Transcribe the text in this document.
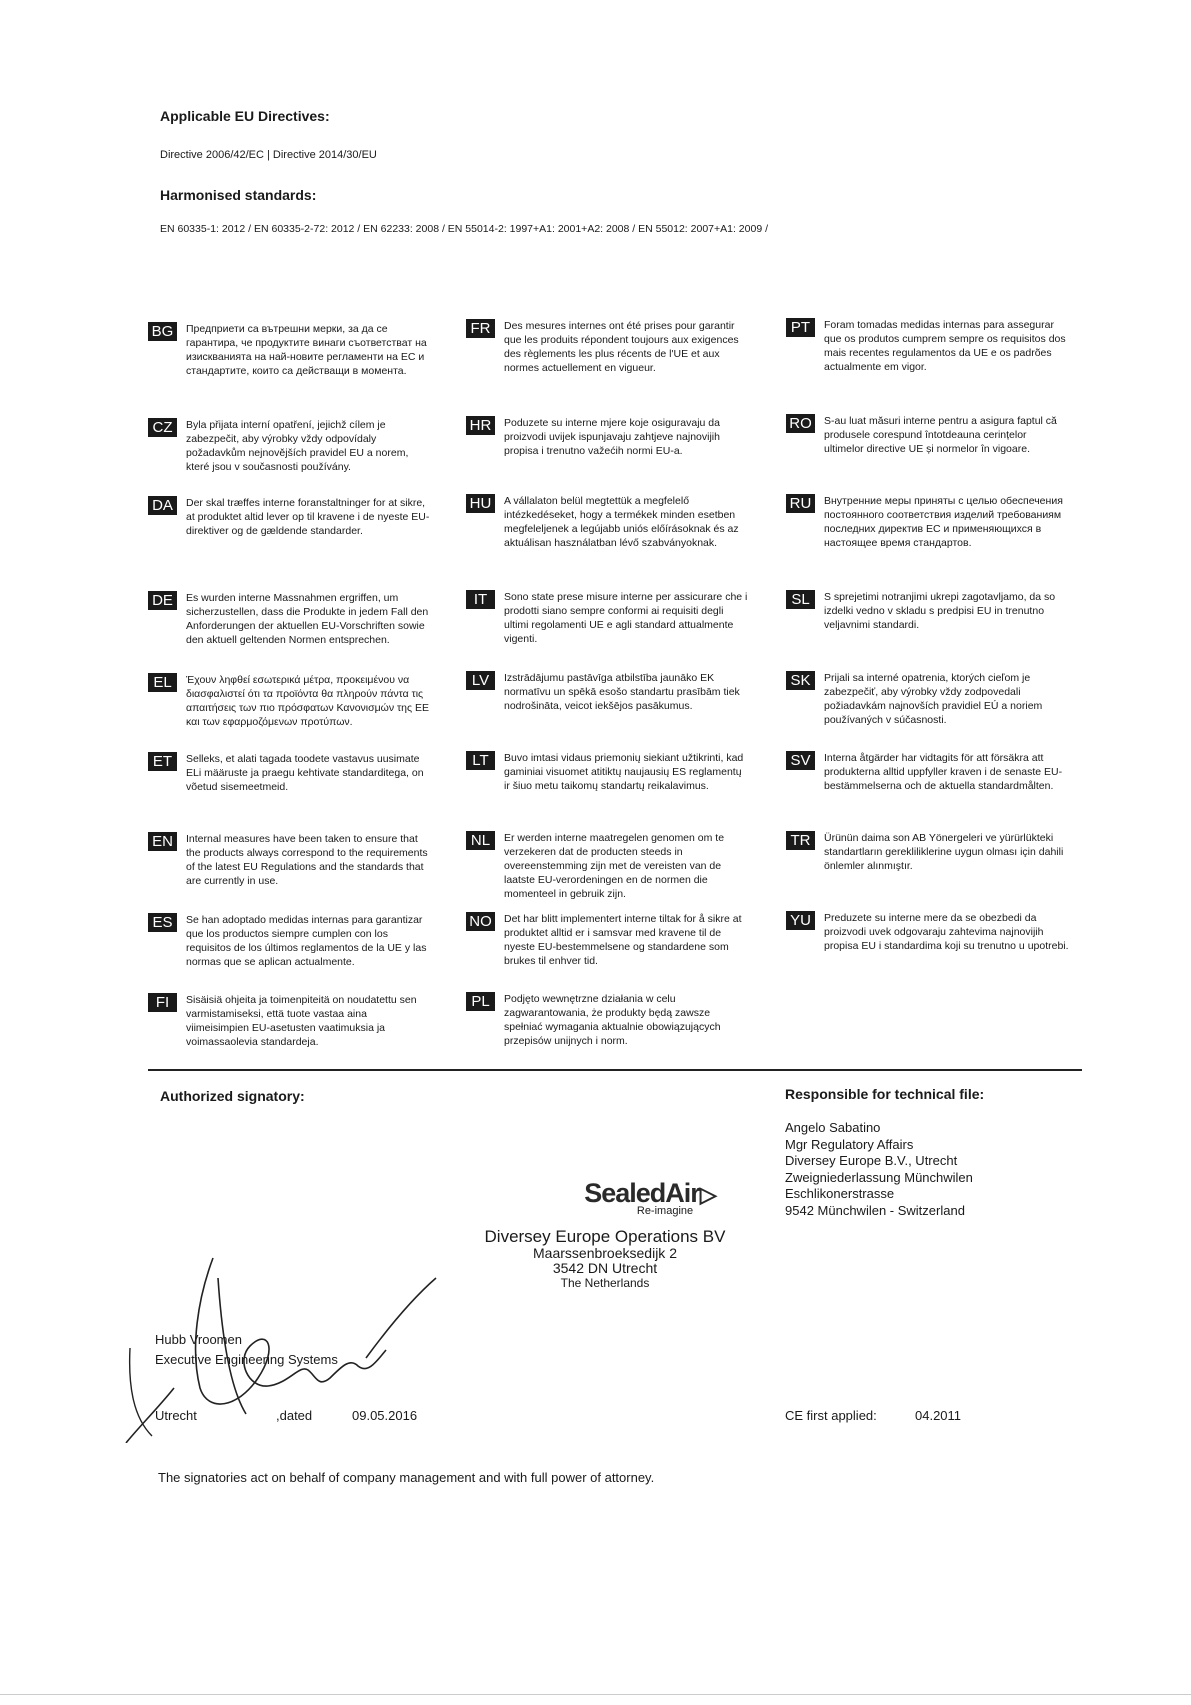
Applicable EU Directives:
Directive 2006/42/EC | Directive 2014/30/EU
Harmonised standards:
EN 60335-1: 2012 / EN 60335-2-72: 2012 / EN 62233: 2008 / EN 55014-2: 1997+A1: 2001+A2: 2008 / EN 55012: 2007+A1: 2009 /
BG	Предприети са вътрешни мерки, за да се гарантира, че продуктите винаги съответстват на изискванията на най-новите регламенти на ЕС и стандартите, които са действащи в момента.
CZ	Byla přijata interní opatření, jejichž cílem je zabezpečit, aby výrobky vždy odpovídaly požadavkům nejnovějších pravidel EU a norem, které jsou v současnosti používány.
DA	Der skal træffes interne foranstaltninger for at sikre, at produktet altid lever op til kravene i de nyeste EU-direktiver og de gældende standarder.
DE	Es wurden interne Massnahmen ergriffen, um sicherzustellen, dass die Produkte in jedem Fall den Anforderungen der aktuellen EU-Vorschriften sowie den aktuell geltenden Normen entsprechen.
EL	Έχουν ληφθεί εσωτερικά μέτρα, προκειμένου να διασφαλιστεί ότι τα προϊόντα θα πληρούν πάντα τις απαιτήσεις των πιο πρόσφατων Κανονισμών της ΕΕ και των εφαρμοζόμενων προτύπων.
ET	Selleks, et alati tagada toodete vastavus uusimate ELi määruste ja praegu kehtivate standarditega, on võetud sisemeetmeid.
EN	Internal measures have been taken to ensure that the products always correspond to the requirements of the latest EU Regulations and the standards that are currently in use.
ES	Se han adoptado medidas internas para garantizar que los productos siempre cumplen con los requisitos de los últimos reglamentos de la UE y las normas que se aplican actualmente.
FI	Sisäisiä ohjeita ja toimenpiteitä on noudatettu sen varmistamiseksi, että tuote vastaa aina viimeisimpien EU-asetusten vaatimuksia ja voimassaolevia standardeja.
FR	Des mesures internes ont été prises pour garantir que les produits répondent toujours aux exigences des règlements les plus récents de l'UE et aux normes actuellement en vigueur.
HR	Poduzete su interne mjere koje osiguravaju da proizvodi uvijek ispunjavaju zahtjeve najnovijih propisa i trenutno važećih normi EU-a.
HU	A vállalaton belül megtettük a megfelelő intézkedéseket, hogy a termékek minden esetben megfeleljenek a legújabb uniós előírásoknak és az aktuálisan használatban lévő szabványoknak.
IT	Sono state prese misure interne per assicurare che i prodotti siano sempre conformi ai requisiti degli ultimi regolamenti UE e agli standard attualmente vigenti.
LV	Izstrādājumu pastāvīga atbilstība jaunāko EK normatīvu un spēkā esošo standartu prasībām tiek nodrošināta, veicot iekšējos pasākumus.
LT	Buvo imtasi vidaus priemonių siekiant užtikrinti, kad gaminiai visuomet atitiktų naujausių ES reglamentų ir šiuo metu taikomų standartų reikalavimus.
NL	Er werden interne maatregelen genomen om te verzekeren dat de producten steeds in overeenstemming zijn met de vereisten van de laatste EU-verordeningen en de normen die momenteel in gebruik zijn.
NO	Det har blitt implementert interne tiltak for å sikre at produktet alltid er i samsvar med kravene til de nyeste EU-bestemmelsene og standardene som brukes til enhver tid.
PL	Podjęto wewnętrzne działania w celu zagwarantowania, że produkty będą zawsze spełniać wymagania aktualnie obowiązujących przepisów unijnych i norm.
PT	Foram tomadas medidas internas para assegurar que os produtos cumprem sempre os requisitos dos mais recentes regulamentos da UE e os padrões actualmente em vigor.
RO	S-au luat măsuri interne pentru a asigura faptul că produsele corespund întotdeauna cerințelor ultimelor directive UE și normelor în vigoare.
RU	Внутренние меры приняты с целью обеспечения постоянного соответствия изделий требованиям последних директив ЕС и применяющихся в настоящее время стандартов.
SL	S sprejetimi notranjimi ukrepi zagotavljamo, da so izdelki vedno v skladu s predpisi EU in trenutno veljavnimi standardi.
SK	Prijali sa interné opatrenia, ktorých cieľom je zabezpečiť, aby výrobky vždy zodpovedali požiadavkám najnovších pravidiel EÚ a noriem používaných v súčasnosti.
SV	Interna åtgärder har vidtagits för att försäkra att produkterna alltid uppfyller kraven i de senaste EU-bestämmelserna och de aktuella standardmålten.
TR	Ürünün daima son AB Yönergeleri ve yürürlükteki standartların gerekliliklerine uygun olması için dahili önlemler alınmıştır.
YU	Preduzete su interne mere da se obezbedi da proizvodi uvek odgovaraju zahtevima najnovijih propisa EU i standardima koji su trenutno u upotrebi.
Authorized signatory:
Hubb Vroomen
Executive Engineering Systems
Utrecht	,dated	09.05.2016
SealedAir▷
Re-imagine
Diversey Europe Operations BV
Maarssenbroeksedijk 2
3542 DN Utrecht
The Netherlands
Responsible for technical file:
Angelo Sabatino
Mgr Regulatory Affairs
Diversey Europe B.V., Utrecht
Zweigniederlassung Münchwilen
Eschlikonerstrasse
9542 Münchwilen - Switzerland
CE first applied:	04.2011
The signatories act on behalf of company management and with full power of attorney.
